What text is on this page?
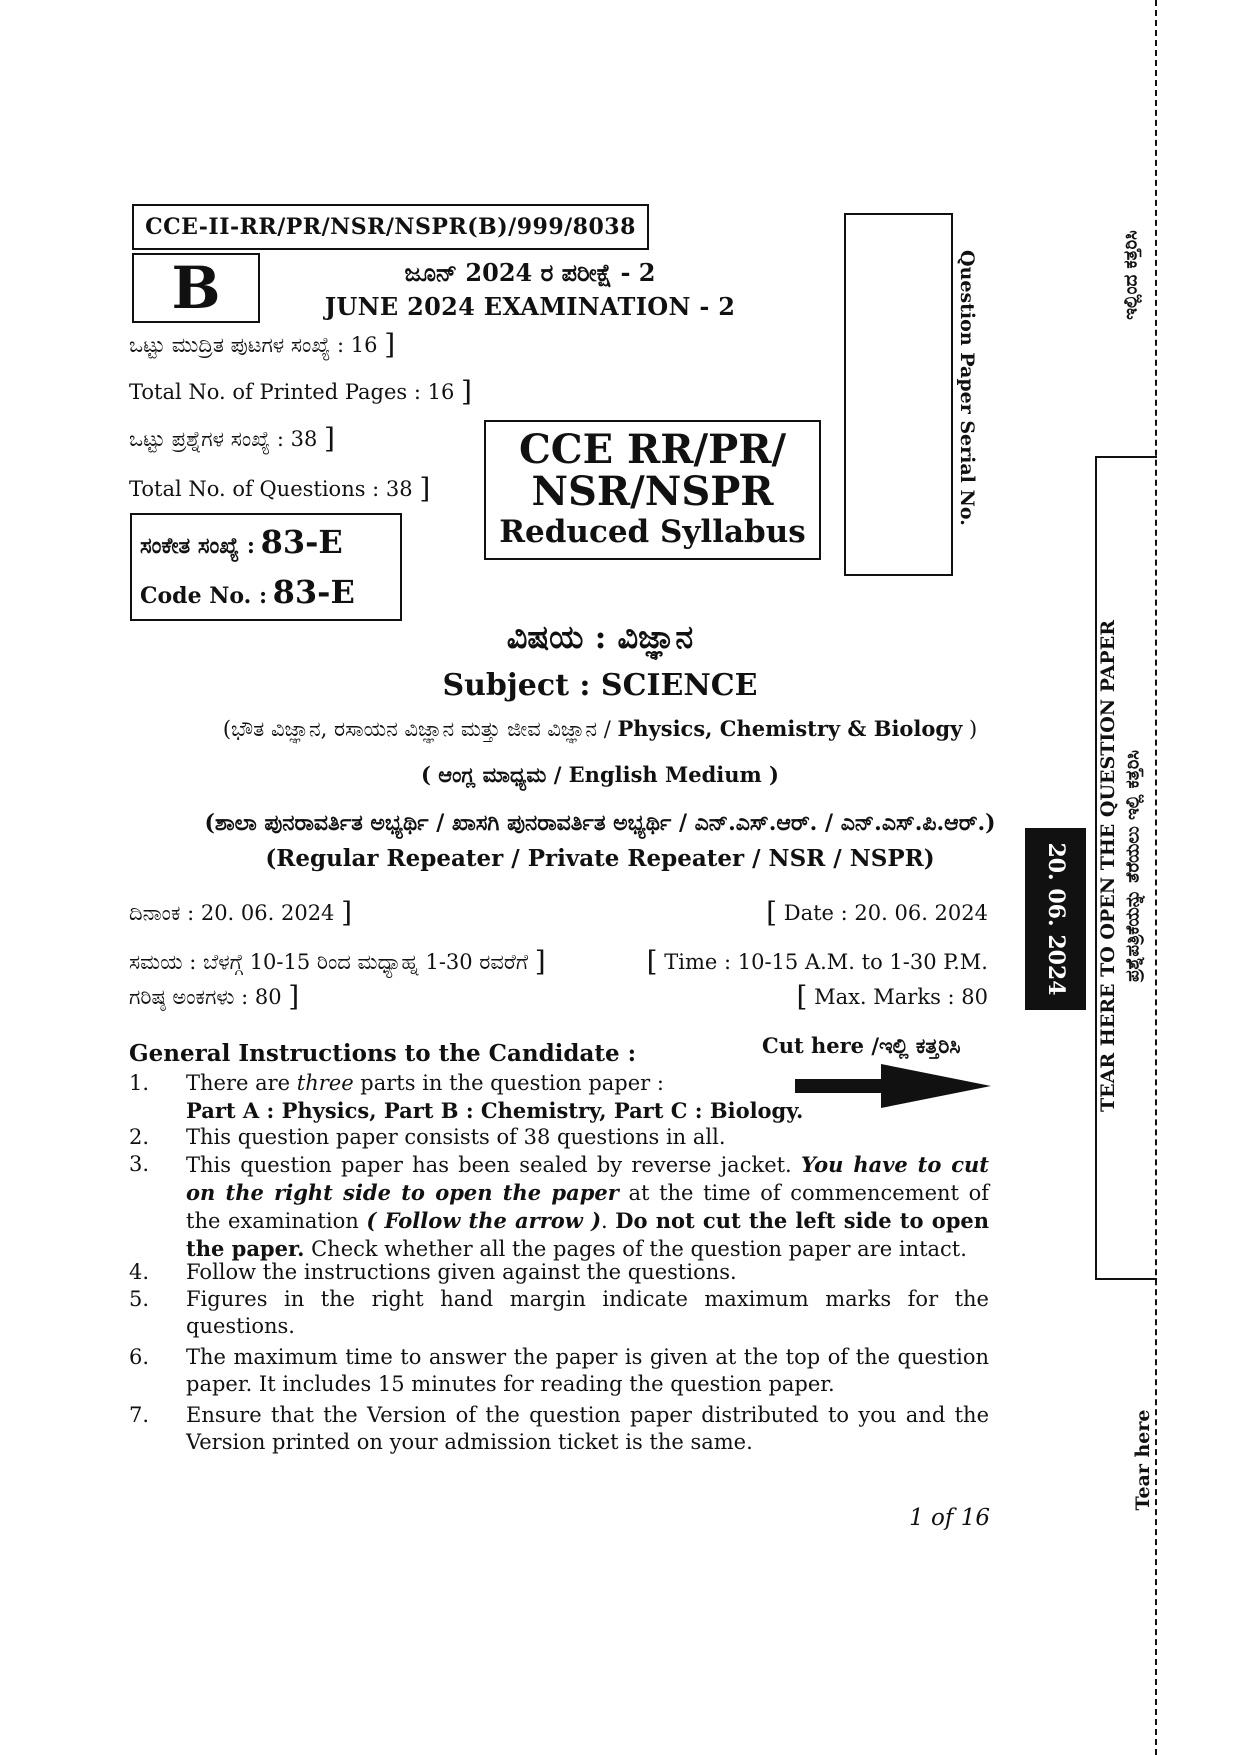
CCE-II-RR/PR/NSR/NSPR(B)/999/8038
B	ಜೂನ್ 2024 ರ ಪರೀಕ್ಷೆ - 2
JUNE 2024 EXAMINATION - 2
ಒಟ್ಟು ಮುದ್ರಿತ ಪುಟಗಳ ಸಂಖ್ಯೆ : 16 ]
Total No. of Printed Pages : 16 ]
ಒಟ್ಟು ಪ್ರಶ್ನೆಗಳ ಸಂಖ್ಯೆ : 38 ]
Total No. of Questions : 38 ]
ಸಂಕೇತ ಸಂಖ್ಯೆ : 83-E
Code No. : 83-E
CCE RR/PR/
NSR/NSPR
Reduced Syllabus
Question Paper Serial No.
ವಿಷಯ : ವಿಜ್ಞಾನ
Subject : SCIENCE
(ಭೌತ ವಿಜ್ಞಾನ, ರಸಾಯನ ವಿಜ್ಞಾನ ಮತ್ತು ಜೀವ ವಿಜ್ಞಾನ / Physics, Chemistry & Biology )
( ಆಂಗ್ಲ ಮಾಧ್ಯಮ / English Medium )
(ಶಾಲಾ ಪುನರಾವರ್ತಿತ ಅಭ್ಯರ್ಥಿ / ಖಾಸಗಿ ಪುನರಾವರ್ತಿತ ಅಭ್ಯರ್ಥಿ / ಎನ್.ಎಸ್.ಆರ್. / ಎನ್.ಎಸ್.ಪಿ.ಆರ್.)
(Regular Repeater / Private Repeater / NSR / NSPR)
ದಿನಾಂಕ : 20. 06. 2024 ]	[ Date : 20. 06. 2024
ಸಮಯ : ಬೆಳಗ್ಗೆ 10-15 ರಿಂದ ಮಧ್ಯಾಹ್ನ 1-30 ರವರೆಗೆ ]	[ Time : 10-15 A.M. to 1-30 P.M.
ಗರಿಷ್ಠ ಅಂಕಗಳು : 80 ]	[ Max. Marks : 80
General Instructions to the Candidate :	Cut here /ಇಲ್ಲಿ ಕತ್ತರಿಸಿ
1. There are three parts in the question paper :
Part A : Physics, Part B : Chemistry, Part C : Biology.
2. This question paper consists of 38 questions in all.
3. This question paper has been sealed by reverse jacket. You have to cut on the right side to open the paper at the time of commencement of the examination ( Follow the arrow ). Do not cut the left side to open the paper. Check whether all the pages of the question paper are intact.
4. Follow the instructions given against the questions.
5. Figures in the right hand margin indicate maximum marks for the questions.
6. The maximum time to answer the paper is given at the top of the question paper. It includes 15 minutes for reading the question paper.
7. Ensure that the Version of the question paper distributed to you and the Version printed on your admission ticket is the same.
1 of 16
ಇಲ್ಲಿಂದ ಕತ್ತರಿಸಿ
TEAR HERE TO OPEN THE QUESTION PAPER ಪ್ರಶ್ನೆಪತ್ರಿಕೆಯನ್ನು ತೆರೆಯಲು ಇಲ್ಲಿ ಕತ್ತರಿಸಿ
20. 06. 2024
Tear here
